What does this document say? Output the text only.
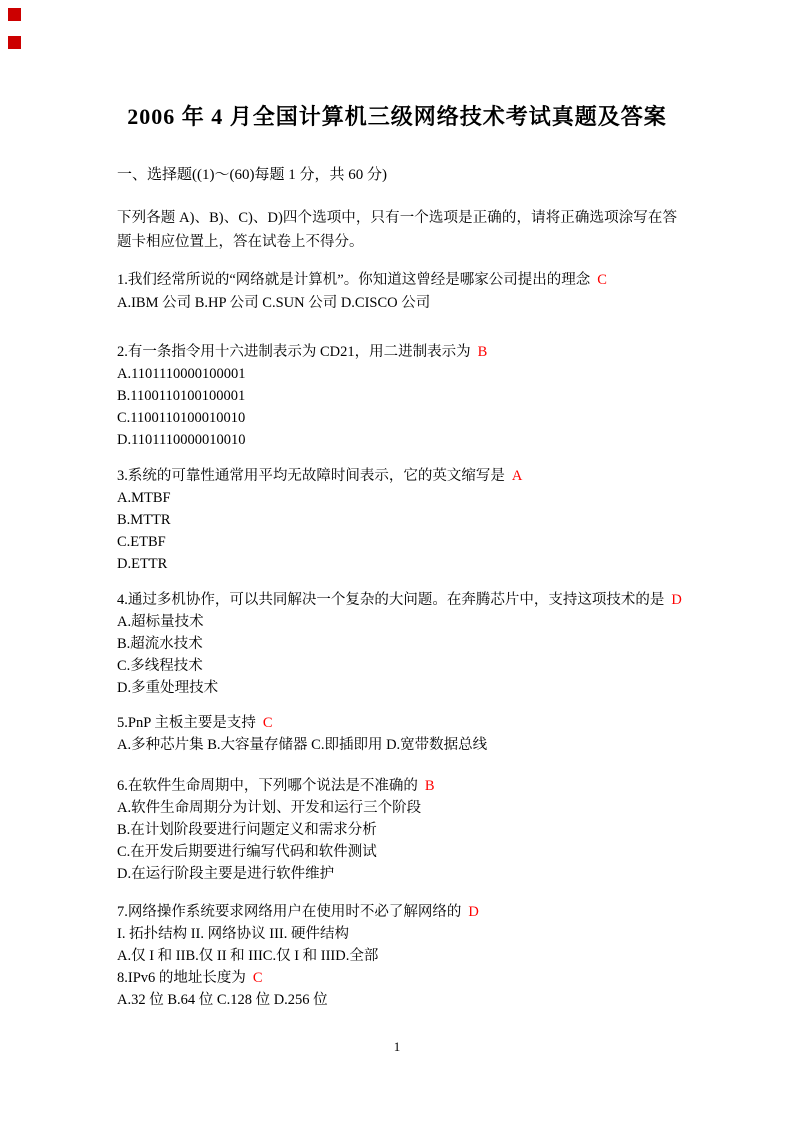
2006 年 4 月全国计算机三级网络技术考试真题及答案
一、选择题((1)～(60)每题 1 分，共 60 分)

下列各题 A)、B)、C)、D)四个选项中，只有一个选项是正确的，请将正确选项涂写在答题卡相应位置上，答在试卷上不得分。

1.我们经常所说的“网络就是计算机”。你知道这曾经是哪家公司提出的理念 C
A.IBM 公司 B.HP 公司 C.SUN 公司 D.CISCO 公司
2.有一条指令用十六进制表示为 CD21，用二进制表示为 B
A.1101110000100001
B.1100110100100001
C.1100110100010010
D.1101110000010010
3.系统的可靠性通常用平均无故障时间表示，它的英文缩写是 A
A.MTBF
B.MTTR
C.ETBF
D.ETTR
4.通过多机协作，可以共同解决一个复杂的大问题。在奔腾芯片中，支持这项技术的是 D
A.超标量技术
B.超流水技术
C.多线程技术
D.多重处理技术
5.PnP 主板主要是支持 C
A.多种芯片集 B.大容量存储器 C.即插即用 D.宽带数据总线
6.在软件生命周期中，下列哪个说法是不准确的 B
A.软件生命周期分为计划、开发和运行三个阶段
B.在计划阶段要进行问题定义和需求分析
C.在开发后期要进行编写代码和软件测试
D.在运行阶段主要是进行软件维护
7.网络操作系统要求网络用户在使用时不必了解网络的 D
I. 拓扑结构 II. 网络协议 III. 硬件结构
A.仅 I 和 IIB.仅 II 和 IIIC.仅 I 和 IIID.全部
8.IPv6 的地址长度为 C
A.32 位 B.64 位 C.128 位 D.256 位
1
